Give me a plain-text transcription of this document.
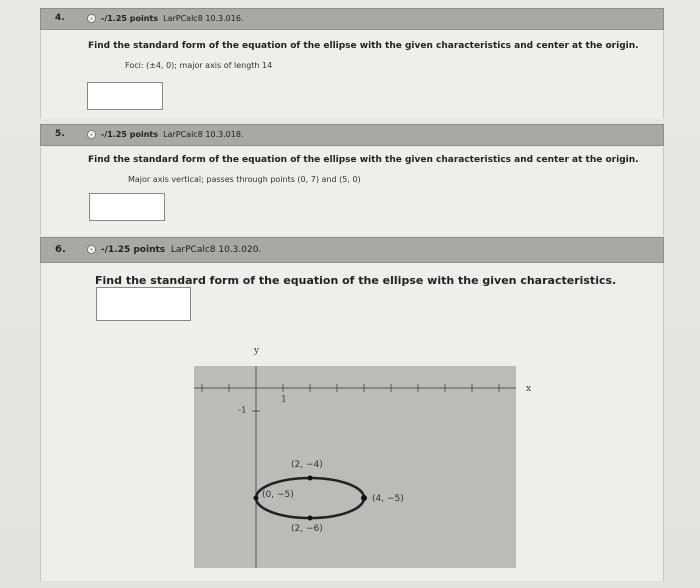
4.	-/1.25 points LarPCalc8 10.3.016.
Find the standard form of the equation of the ellipse with the given characteristics and center at the origin.
Foci: (±4, 0); major axis of length 14
5.	-/1.25 points LarPCalc8 10.3.018.
Find the standard form of the equation of the ellipse with the given characteristics and center at the origin.
Major axis vertical; passes through points (0, 7) and (5, 0)
6.	-/1.25 points LarPCalc8 10.3.020.
Find the standard form of the equation of the ellipse with the given characteristics.
y
1
-1
(2, −4)
(0, −5)	(4, −5)
(2, −6)
x
